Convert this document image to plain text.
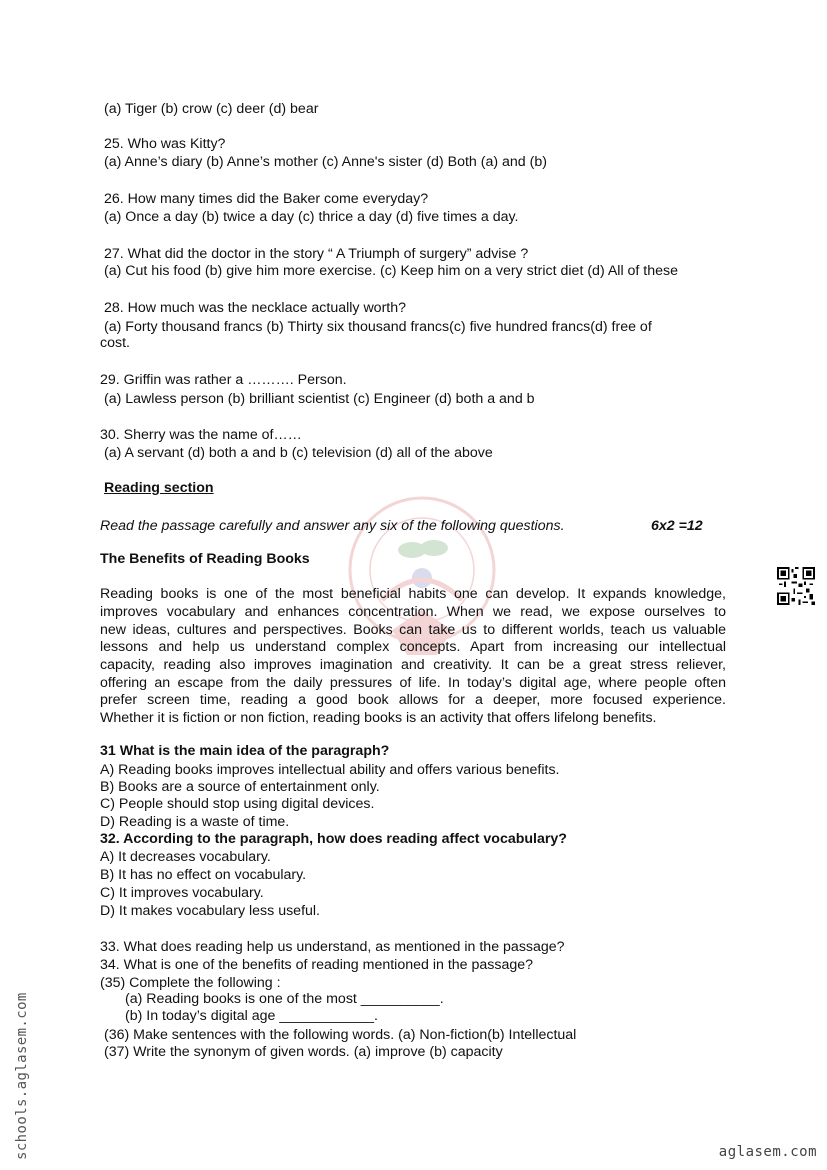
(a) Tiger (b) crow (c) deer (d) bear
25. Who was Kitty?
(a) Anne’s diary (b) Anne’s mother (c) Anne's sister (d) Both (a) and (b)
26. How many times did the Baker come everyday?
(a) Once a day (b) twice a day (c) thrice a day (d) five times a day.
27. What did the doctor in the story “ A Triumph of surgery” advise ?
(a) Cut his food (b) give him more exercise. (c) Keep him on a very strict diet (d) All of these
28. How much was the necklace actually worth?
(a) Forty thousand francs (b) Thirty six thousand francs(c) five hundred francs(d) free of
cost.
29. Griffin was rather a ………. Person.
(a) Lawless person (b) brilliant scientist (c) Engineer (d) both a and b
30. Sherry was the name of……
(a) A servant (d) both a and b (c) television (d) all of the above
Reading section
Read the passage carefully and answer any six of the following questions.	6x2 =12
The Benefits of Reading Books
Reading books is one of the most beneficial habits one can develop. It expands knowledge,
improves vocabulary and enhances concentration. When we read, we expose ourselves to
new ideas, cultures and perspectives. Books can take us to different worlds, teach us valuable
lessons and help us understand complex concepts. Apart from increasing our intellectual
capacity, reading also improves imagination and creativity. It can be a great stress reliever,
offering an escape from the daily pressures of life. In today’s digital age, where people often
prefer screen time, reading a good book allows for a deeper, more focused experience.
Whether it is fiction or non fiction, reading books is an activity that offers lifelong benefits.
31 What is the main idea of the paragraph?
A) Reading books improves intellectual ability and offers various benefits.
B) Books are a source of entertainment only.
C) People should stop using digital devices.
D) Reading is a waste of time.
32. According to the paragraph, how does reading affect vocabulary?
A) It decreases vocabulary.
B) It has no effect on vocabulary.
C) It improves vocabulary.
D) It makes vocabulary less useful.
33. What does reading help us understand, as mentioned in the passage?
34. What is one of the benefits of reading mentioned in the passage?
(35) Complete the following :
(a) Reading books is one of the most __________.
(b) In today’s digital age ____________.
(36) Make sentences with the following words. (a) Non-fiction(b) Intellectual
(37) Write the synonym of given words. (a) improve (b) capacity
schools.aglasem.com	aglasem.com
